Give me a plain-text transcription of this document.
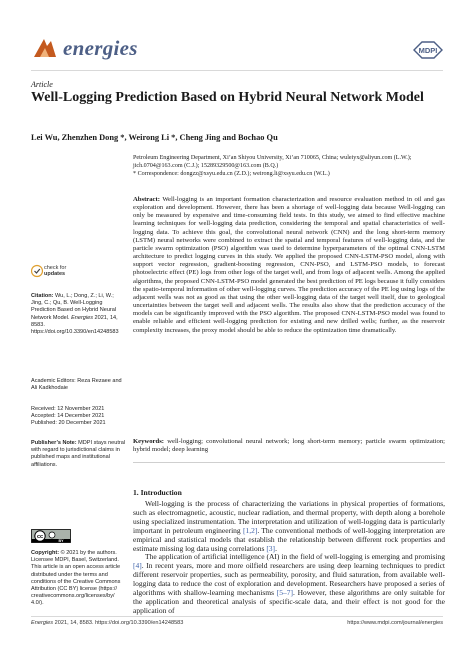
energies	MDPI
Article
Well-Logging Prediction Based on Hybrid Neural Network Model
Lei Wu, Zhenzhen Dong *, Weirong Li *, Cheng Jing and Bochao Qu
Petroleum Engineering Department, Xi’an Shiyou University, Xi’an 710065, China; wuleiyx@aliyun.com (L.W.); jich.0704@163.com (C.J.); 15289329500@163.com (B.Q.)
* Correspondence: dongzz@xsyu.edu.cn (Z.D.); weirong.li@xsyu.edu.cn (W.L.)
Abstract: Well-logging is an important formation characterization and resource evaluation method in oil and gas exploration and development. However, there has been a shortage of well-logging data because Well-logging can only be measured by expensive and time-consuming field tests. In this study, we aimed to find effective machine learning techniques for well-logging data prediction, considering the temporal and spatial characteristics of well-logging data. To achieve this goal, the convolutional neural network (CNN) and the long short-term memory (LSTM) neural networks were combined to extract the spatial and temporal features of well-logging data, and the particle swarm optimization (PSO) algorithm was used to determine hyperparameters of the optimal CNN-LSTM architecture to predict logging curves in this study. We applied the proposed CNN-LSTM-PSO model, along with support vector regression, gradient-boosting regression, CNN-PSO, and LSTM-PSO models, to forecast photoelectric effect (PE) logs from other logs of the target well, and from logs of adjacent wells. Among the applied algorithms, the proposed CNN-LSTM-PSO model generated the best prediction of PE logs because it fully considers the spatio-temporal information of other well-logging curves. The prediction accuracy of the PE log using logs of the adjacent wells was not as good as that using the other well-logging data of the target well itself, due to geological uncertainties between the target well and adjacent wells. The results also show that the prediction accuracy of the models can be significantly improved with the PSO algorithm. The proposed CNN-LSTM-PSO model was found to enable reliable and efficient well-logging prediction for existing and new drilled wells; further, as the reservoir complexity increases, the proxy model should be able to reduce the optimization time dramatically.
Keywords: well-logging; convolutional neural network; long short-term memory; particle swarm optimization; hybrid model; deep learning
check for
updates
Citation: Wu, L.; Dong, Z.; Li, W.; Jing, C.; Qu, B. Well-Logging Prediction Based on Hybrid Neural Network Model. Energies 2021, 14, 8583. https://doi.org/10.3390/en14248583
Academic Editors: Reza Rezaee and Ali Kadkhodaie
Received: 12 November 2021
Accepted: 14 December 2021
Published: 20 December 2021
Publisher’s Note: MDPI stays neutral with regard to jurisdictional claims in published maps and institutional affiliations.
cc
BY
Copyright: © 2021 by the authors. Licensee MDPI, Basel, Switzerland. This article is an open access article distributed under the terms and conditions of the Creative Commons Attribution (CC BY) license (https:// creativecommons.org/licenses/by/ 4.0/).
1. Introduction
Well-logging is the process of characterizing the variations in physical properties of formations, such as electromagnetic, acoustic, nuclear radiation, and thermal property, with depth along a borehole using specialized instrumentation. The interpretation and utilization of well-logging data is particularly important in petroleum engineering [1,2]. The conventional methods of well-logging interpretation are empirical and statistical models that establish the relationship between different rock properties and estimate missing log data using correlations [3].
The application of artificial intelligence (AI) in the field of well-logging is emerging and promising [4]. In recent years, more and more oilfield researchers are using deep learning techniques to predict different reservoir properties, such as permeability, porosity, and fluid saturation, from available well-logging data to reduce the cost of exploration and development. Researchers have proposed a series of algorithms with shallow-learning mechanisms [5–7]. However, these algorithms are only suitable for the application and theoretical analysis of specific-scale data, and their effect is not good for the application of
Energies 2021, 14, 8583. https://doi.org/10.3390/en14248583	https://www.mdpi.com/journal/energies
